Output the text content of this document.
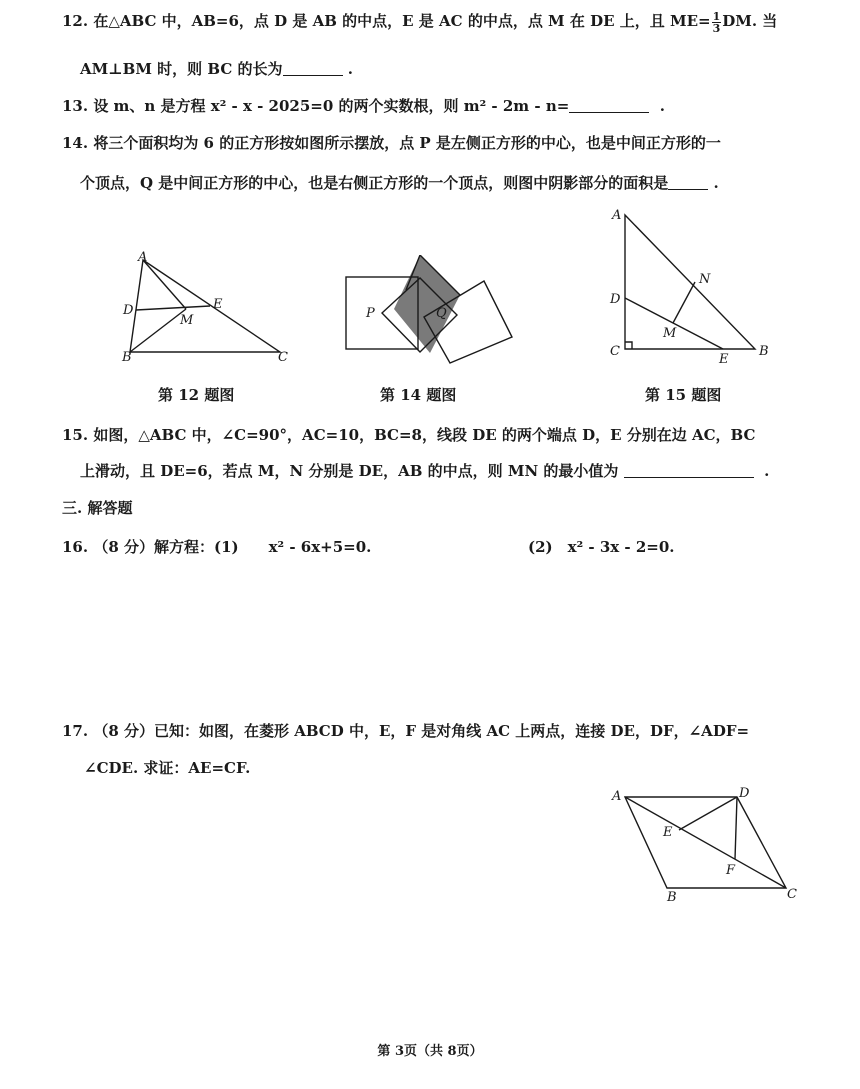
12. 在△ABC 中，AB=6，点 D 是 AB 的中点，E 是 AC 的中点，点 M 在 DE 上，且 $ME= \frac{1}{3}$ DM. 当
AM⊥BM 时，则 BC 的长为	.
13. 设 m、n 是方程 x² - x - 2025=0 的两个实数根，则 m² - 2m - n=	.
14. 将三个面积均为 6 的正方形按如图所示摆放，点 P 是左侧正方形的中心，也是中间正方形的一
个顶点，Q 是中间正方形的中心，也是右侧正方形的一个顶点，则图中阴影部分的面积是	.
A
B	C
D	E
M
第 12 题图
P	Q
第 14 题图
A
B
C
D
E
M
N
第 15 题图
15. 如图，△ABC 中，∠C=90°，AC=10，BC=8，线段 DE 的两个端点 D，E 分别在边 AC，BC
上滑动，且 DE=6，若点 M，N 分别是 DE，AB 的中点，则 MN 的最小值为	.
三. 解答题
16. （8 分）解方程：(1)　　x² - 6x+5=0.	(2)　x² - 3x - 2=0.
17. （8 分）已知：如图，在菱形 ABCD 中，E，F 是对角线 AC 上两点，连接 DE，DF，∠ADF=
∠CDE. 求证：AE=CF.
A
B	C
D
E
F
第 3页（共 8页）
